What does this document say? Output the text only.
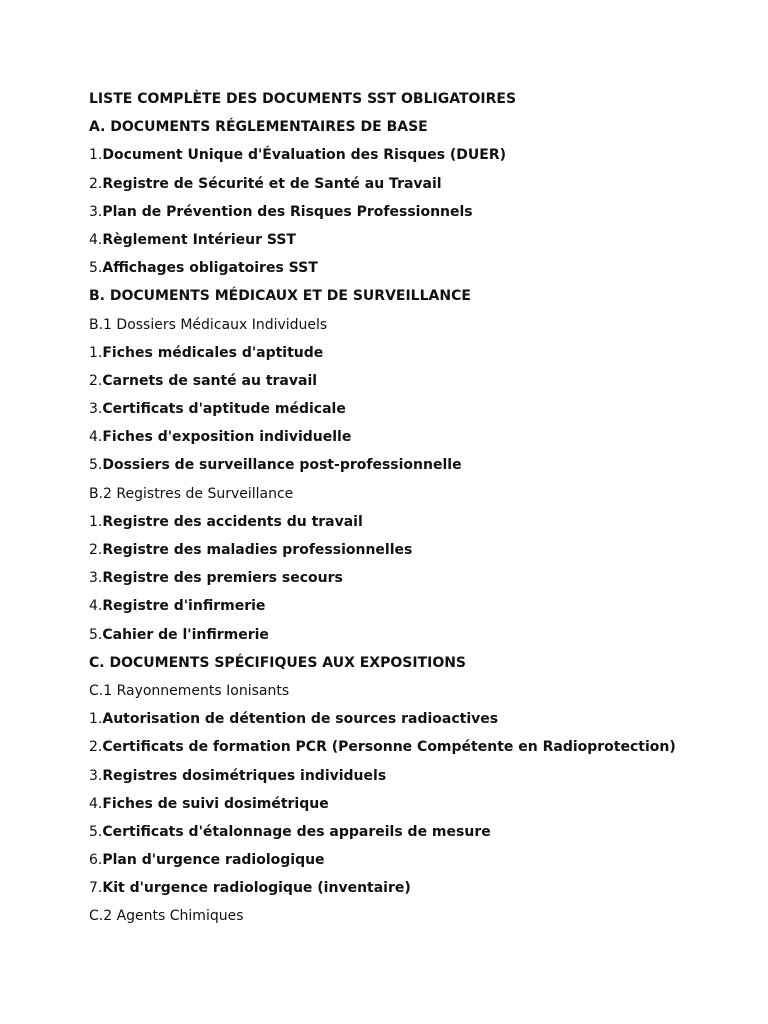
LISTE COMPLÈTE DES DOCUMENTS SST OBLIGATOIRES
A. DOCUMENTS RÉGLEMENTAIRES DE BASE
1.Document Unique d'Évaluation des Risques (DUER)
2.Registre de Sécurité et de Santé au Travail
3.Plan de Prévention des Risques Professionnels
4.Règlement Intérieur SST
5.Affichages obligatoires SST
B. DOCUMENTS MÉDICAUX ET DE SURVEILLANCE
B.1 Dossiers Médicaux Individuels
1.Fiches médicales d'aptitude
2.Carnets de santé au travail
3.Certificats d'aptitude médicale
4.Fiches d'exposition individuelle
5.Dossiers de surveillance post-professionnelle
B.2 Registres de Surveillance
1.Registre des accidents du travail
2.Registre des maladies professionnelles
3.Registre des premiers secours
4.Registre d'infirmerie
5.Cahier de l'infirmerie
C. DOCUMENTS SPÉCIFIQUES AUX EXPOSITIONS
C.1 Rayonnements Ionisants
1.Autorisation de détention de sources radioactives
2.Certificats de formation PCR (Personne Compétente en Radioprotection)
3.Registres dosimétriques individuels
4.Fiches de suivi dosimétrique
5.Certificats d'étalonnage des appareils de mesure
6.Plan d'urgence radiologique
7.Kit d'urgence radiologique (inventaire)
C.2 Agents Chimiques
